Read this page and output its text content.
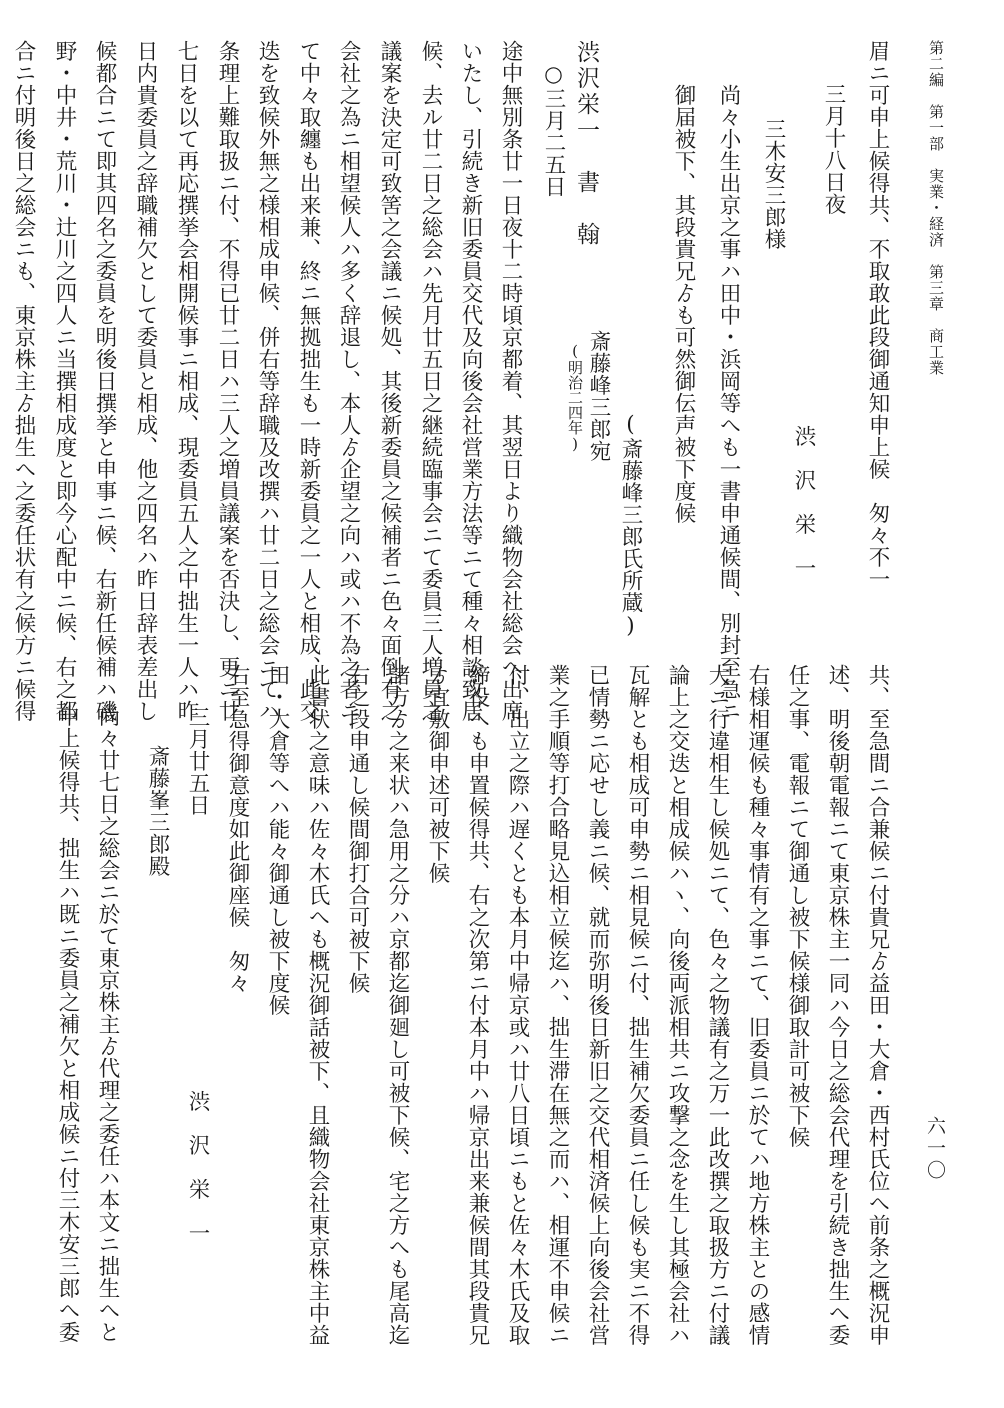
第二編　第一部　実業・経済　第三章　商工業
六一〇
眉ニ可申上候得共、不取敢此段御通知申上候　匆々不一
三月十八日夜
渋　沢　栄　一
三木安三郎様
尚々小生出京之事ハ田中・浜岡等へも一書申通候間、別封至急ニ
御届被下、其段貴兄ゟも可然御伝声被下度候
(斎藤峰三郎氏所蔵)
渋沢栄一　書　翰
斎藤峰三郎宛
(明治二四年)
○三月二五日
途中無別条廿一日夜十二時頃京都着、其翌日より織物会社総会へ出席
いたし、引続き新旧委員交代及向後会社営業方法等ニて種々相談致居
候、去ル廿二日之総会ハ先月廿五日之継続臨事会ニて委員三人増員之
議案を決定可致筈之会議ニ候処、其後新委員之候補者ニ色々面倒有之
会社之為ニ相望候人ハ多く辞退し、本人ゟ企望之向ハ或ハ不為之者ニ
て中々取纏も出来兼、終ニ無拠拙生も一時新委員之一人と相成、此交
迭を致候外無之様相成申候、併右等辞職及改撰ハ廿二日之総会ニてハ
条理上難取扱ニ付、不得已廿二日ハ三人之増員議案を否決し、更ニ廿
七日を以て再応撰挙会相開候事ニ相成、現委員五人之中拙生一人ハ昨
日内貴委員之辞職補欠として委員と相成、他之四名ハ昨日辞表差出し
候都合ニて即其四名之委員を明後日撰挙と申事ニ候、右新任候補ハ磯
野・中井・荒川・辻川之四人ニ当撰相成度と即今心配中ニ候、右之都
合ニ付明後日之総会ニも、東京株主ゟ拙生へ之委任状有之候方ニ候得
共、至急間ニ合兼候ニ付貴兄ゟ益田・大倉・西村氏位へ前条之概況申
述、明後朝電報ニて東京株主一同ハ今日之総会代理を引続き拙生へ委
任之事、電報ニて御通し被下候様御取計可被下候
右様相運候も種々事情有之事ニて、旧委員ニ於てハ地方株主との感情
大ニ行違相生し候処ニて、色々之物議有之万一此改撰之取扱方ニ付議
論上之交迭と相成候ハヽ、向後両派相共ニ攻撃之念を生し其極会社ハ
瓦解とも相成可申勢ニ相見候ニ付、拙生補欠委員ニ任し候も実ニ不得
已情勢ニ応せし義ニ候、就而弥明後日新旧之交代相済候上向後会社営
業之手順等打合略見込相立候迄ハ、拙生滞在無之而ハ、相運不申候ニ
付、出立之際ハ遅くとも本月中帰京或ハ廿八日頃ニもと佐々木氏及取
締役へも申置候得共、右之次第ニ付本月中ハ帰京出来兼候間其段貴兄
ゟ宜敷御申述可被下候
諸方ゟ之来状ハ急用之分ハ京都迄御廻し可被下候、宅之方へも尾高迄
右之段申通し候間御打合可被下候
此書状之意味ハ佐々木氏へも概況御話被下、且織物会社東京株主中益
田・大倉等へハ能々御通し被下度候
右至急得御意度如此御座候　匆々
三月廿五日
渋　沢　栄　一
斎藤峯三郎殿
尚々廿七日之総会ニ於て東京株主ゟ代理之委任ハ本文ニ拙生へと
申上候得共、拙生ハ既ニ委員之補欠と相成候ニ付三木安三郎へ委
